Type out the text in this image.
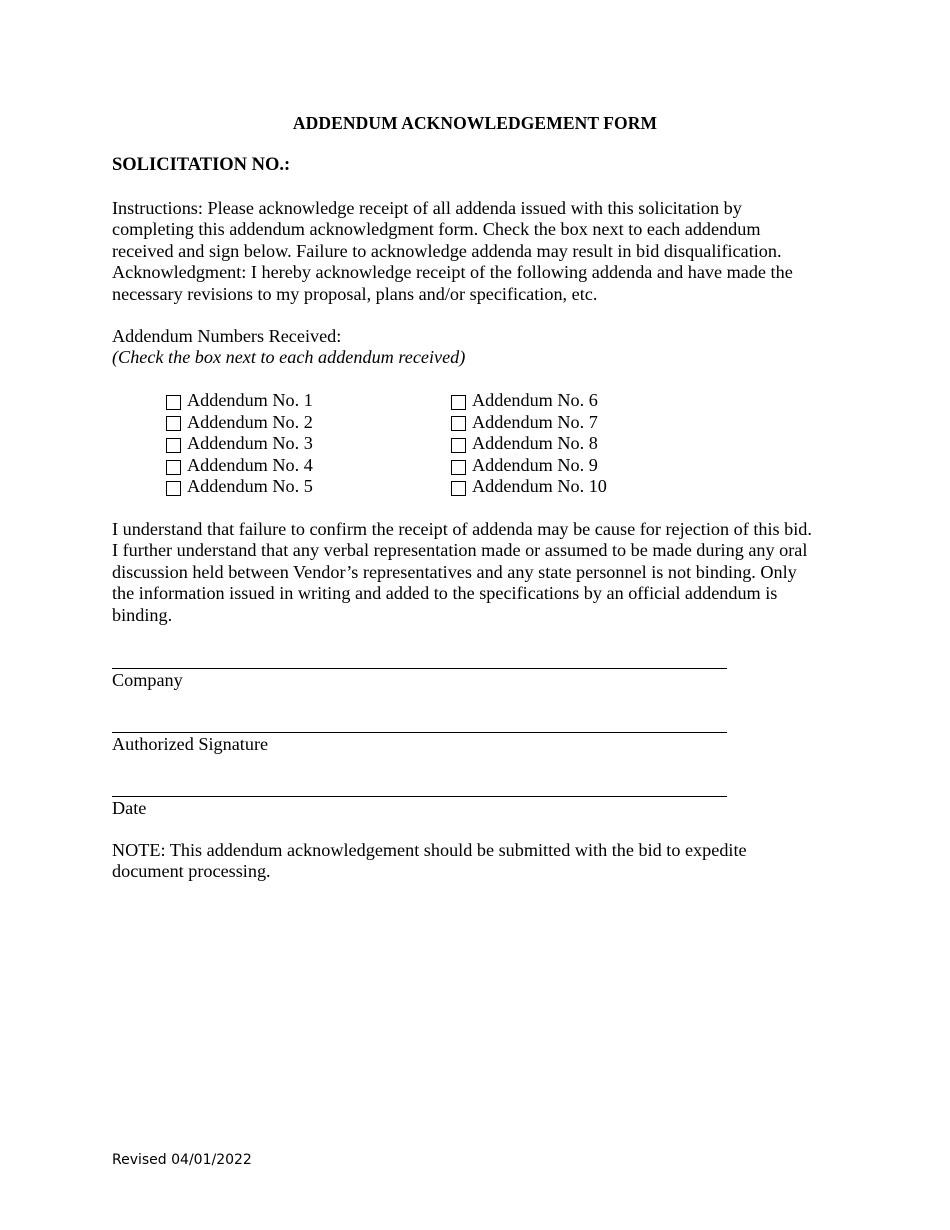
ADDENDUM ACKNOWLEDGEMENT FORM
SOLICITATION NO.:
Instructions: Please acknowledge receipt of all addenda issued with this solicitation by
completing this addendum acknowledgment form. Check the box next to each addendum
received and sign below. Failure to acknowledge addenda may result in bid disqualification.
Acknowledgment: I hereby acknowledge receipt of the following addenda and have made the
necessary revisions to my proposal, plans and/or specification, etc.
Addendum Numbers Received:
(Check the box next to each addendum received)
Addendum No. 1
Addendum No. 2
Addendum No. 3
Addendum No. 4
Addendum No. 5
Addendum No. 6
Addendum No. 7
Addendum No. 8
Addendum No. 9
Addendum No. 10
I understand that failure to confirm the receipt of addenda may be cause for rejection of this bid.
I further understand that any verbal representation made or assumed to be made during any oral
discussion held between Vendor’s representatives and any state personnel is not binding. Only
the information issued in writing and added to the specifications by an official addendum is
binding.
Company
Authorized Signature
Date
NOTE: This addendum acknowledgement should be submitted with the bid to expedite
document processing.
Revised 04/01/2022
